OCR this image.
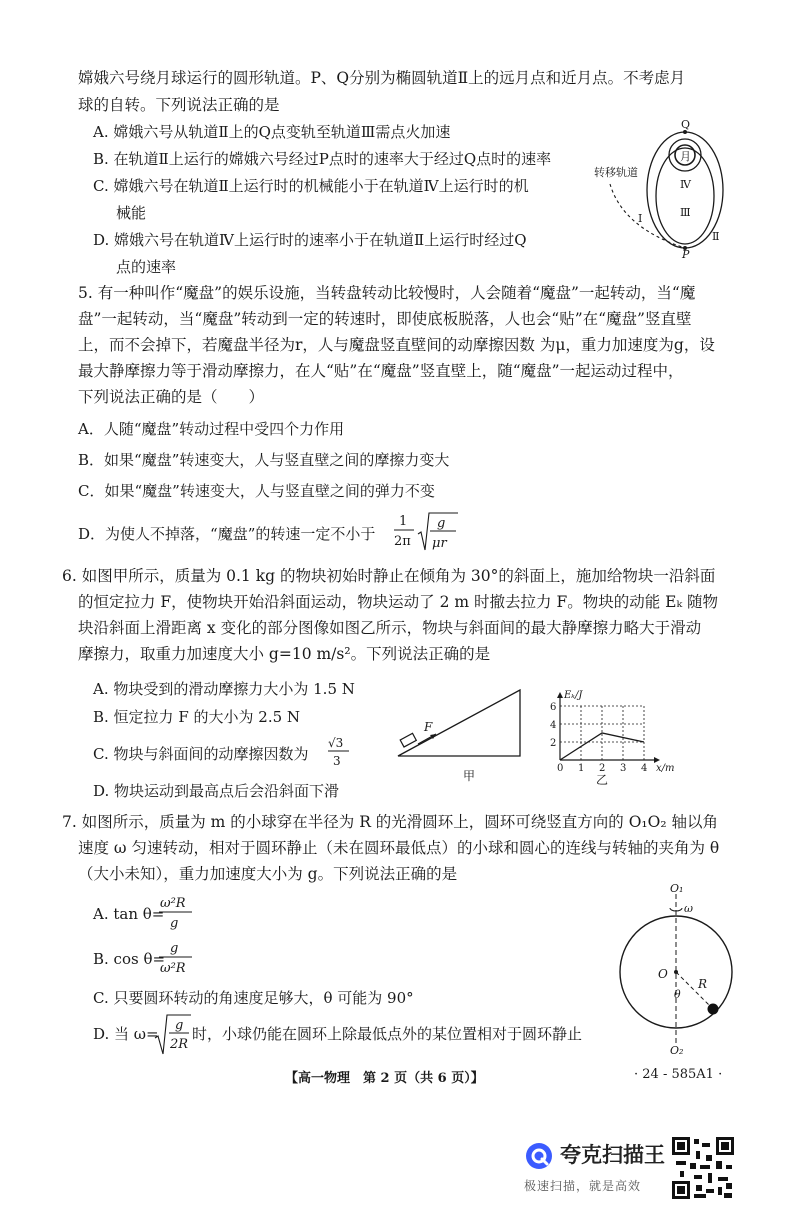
嫦娥六号绕月球运行的圆形轨道。P、Q分别为椭圆轨道Ⅱ上的远月点和近月点。不考虑月
球的自转。下列说法正确的是
A. 嫦娥六号从轨道Ⅱ上的Q点变轨至轨道Ⅲ需点火加速
B. 在轨道Ⅱ上运行的嫦娥六号经过P点时的速率大于经过Q点时的速率
C. 嫦娥六号在轨道Ⅱ上运行时的机械能小于在轨道Ⅳ上运行时的机
械能
D. 嫦娥六号在轨道Ⅳ上运行时的速率小于在轨道Ⅱ上运行时经过Q
点的速率
Q
月
Ⅳ
Ⅲ
Ⅱ
Ⅰ
P
转移轨道
5. 有一种叫作“魔盘”的娱乐设施，当转盘转动比较慢时，人会随着“魔盘”一起转动，当“魔
盘”一起转动，当“魔盘”转动到一定的转速时，即使底板脱落，人也会“贴”在“魔盘”竖直壁
上，而不会掉下，若魔盘半径为r，人与魔盘竖直壁间的动摩擦因数 为μ，重力加速度为g，设
最大静摩擦力等于滑动摩擦力，在人“贴”在“魔盘”竖直壁上，随“魔盘”一起运动过程中，
下列说法正确的是（　　）
A．人随“魔盘”转动过程中受四个力作用
B．如果“魔盘”转速变大，人与竖直壁之间的摩擦力变大
C．如果“魔盘”转速变大，人与竖直壁之间的弹力不变
D．为使人不掉落，“魔盘”的转速一定不小于
1
2π
g
μr
6. 如图甲所示，质量为 0.1 kg 的物块初始时静止在倾角为 30°的斜面上，施加给物块一沿斜面
的恒定拉力 F，使物块开始沿斜面运动，物块运动了 2 m 时撤去拉力 F。物块的动能 Eₖ 随物
块沿斜面上滑距离 x 变化的部分图像如图乙所示，物块与斜面间的最大静摩擦力略大于滑动
摩擦力，取重力加速度大小 g=10 m/s²。下列说法正确的是
A. 物块受到的滑动摩擦力大小为 1.5 N
B. 恒定拉力 F 的大小为 2.5 N
C. 物块与斜面间的动摩擦因数为
√3
3
D. 物块运动到最高点后会沿斜面下滑
F
甲
0 1 2 3 4
2
4
6
x/m
Eₖ/J
乙
7. 如图所示，质量为 m 的小球穿在半径为 R 的光滑圆环上，圆环可绕竖直方向的 O₁O₂ 轴以角
速度 ω 匀速转动，相对于圆环静止（未在圆环最低点）的小球和圆心的连线与转轴的夹角为 θ
（大小未知），重力加速度大小为 g。下列说法正确的是
A. tan θ=
ω²R
g
B. cos θ=
g
ω²R
C. 只要圆环转动的角速度足够大，θ 可能为 90°
D. 当 ω= g
2R
时，小球仍能在圆环上除最低点外的某位置相对于圆环静止
O₁
ω
O
θ
R
O₂
【高一物理　第 2 页（共 6 页）】	· 24 - 585A1 ·
夸克扫描王
极速扫描，就是高效
